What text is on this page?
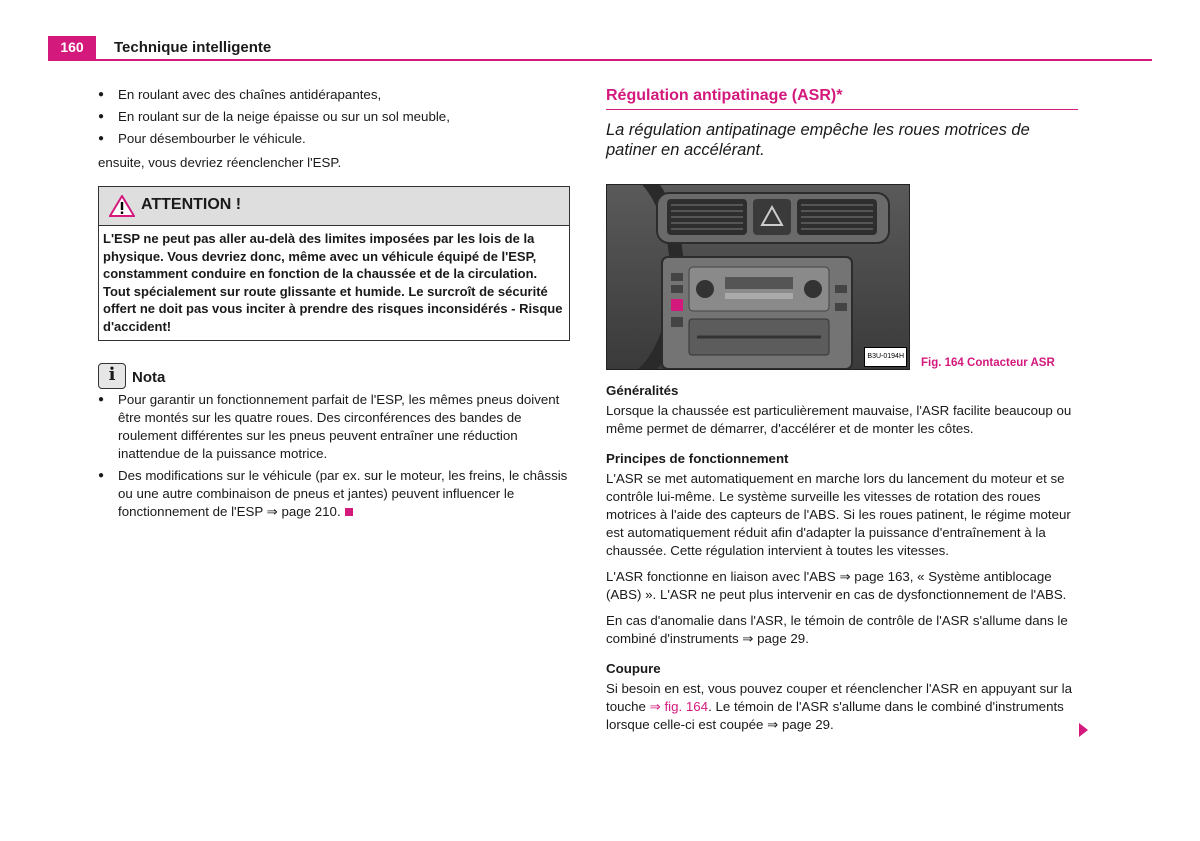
160	Technique intelligente
● En roulant avec des chaînes antidérapantes,
● En roulant sur de la neige épaisse ou sur un sol meuble,
● Pour désembourber le véhicule.

ensuite, vous devriez réenclencher l'ESP.

ATTENTION !
L'ESP ne peut pas aller au-delà des limites imposées par les lois de la physique. Vous devriez donc, même avec un véhicule équipé de l'ESP, constamment conduire en fonction de la chaussée et de la circulation. Tout spécialement sur route glissante et humide. Le surcroît de sécurité offert ne doit pas vous inciter à prendre des risques inconsidérés - Risque d'accident!
i	Nota
● Pour garantir un fonctionnement parfait de l'ESP, les mêmes pneus doivent être montés sur les quatre roues. Des circonférences des bandes de roulement différentes sur les pneus peuvent entraîner une réduction inattendue de la puissance motrice.
● Des modifications sur le véhicule (par ex. sur le moteur, les freins, le châssis ou une autre combinaison de pneus et jantes) peuvent influencer le fonctionnement de l'ESP ⇒ page 210.
Régulation antipatinage (ASR)*
La régulation antipatinage empêche les roues motrices de patiner en accélérant.
B3U-0194H
Fig. 164 Contacteur ASR
Généralités

Lorsque la chaussée est particulièrement mauvaise, l'ASR facilite beaucoup ou même permet de démarrer, d'accélérer et de monter les côtes.

Principes de fonctionnement

L'ASR se met automatiquement en marche lors du lancement du moteur et se contrôle lui-même. Le système surveille les vitesses de rotation des roues motrices à l'aide des capteurs de l'ABS. Si les roues patinent, le régime moteur est automatiquement réduit afin d'adapter la puissance d'entraînement à la chaussée. Cette régulation intervient à toutes les vitesses.

L'ASR fonctionne en liaison avec l'ABS ⇒ page 163, « Système antiblocage (ABS) ». L'ASR ne peut plus intervenir en cas de dysfonctionnement de l'ABS.

En cas d'anomalie dans l'ASR, le témoin de contrôle de l'ASR s'allume dans le combiné d'instruments ⇒ page 29.

Coupure

Si besoin en est, vous pouvez couper et réenclencher l'ASR en appuyant sur la touche ⇒ fig. 164. Le témoin de l'ASR s'allume dans le combiné d'instruments lorsque celle-ci est coupée ⇒ page 29.
